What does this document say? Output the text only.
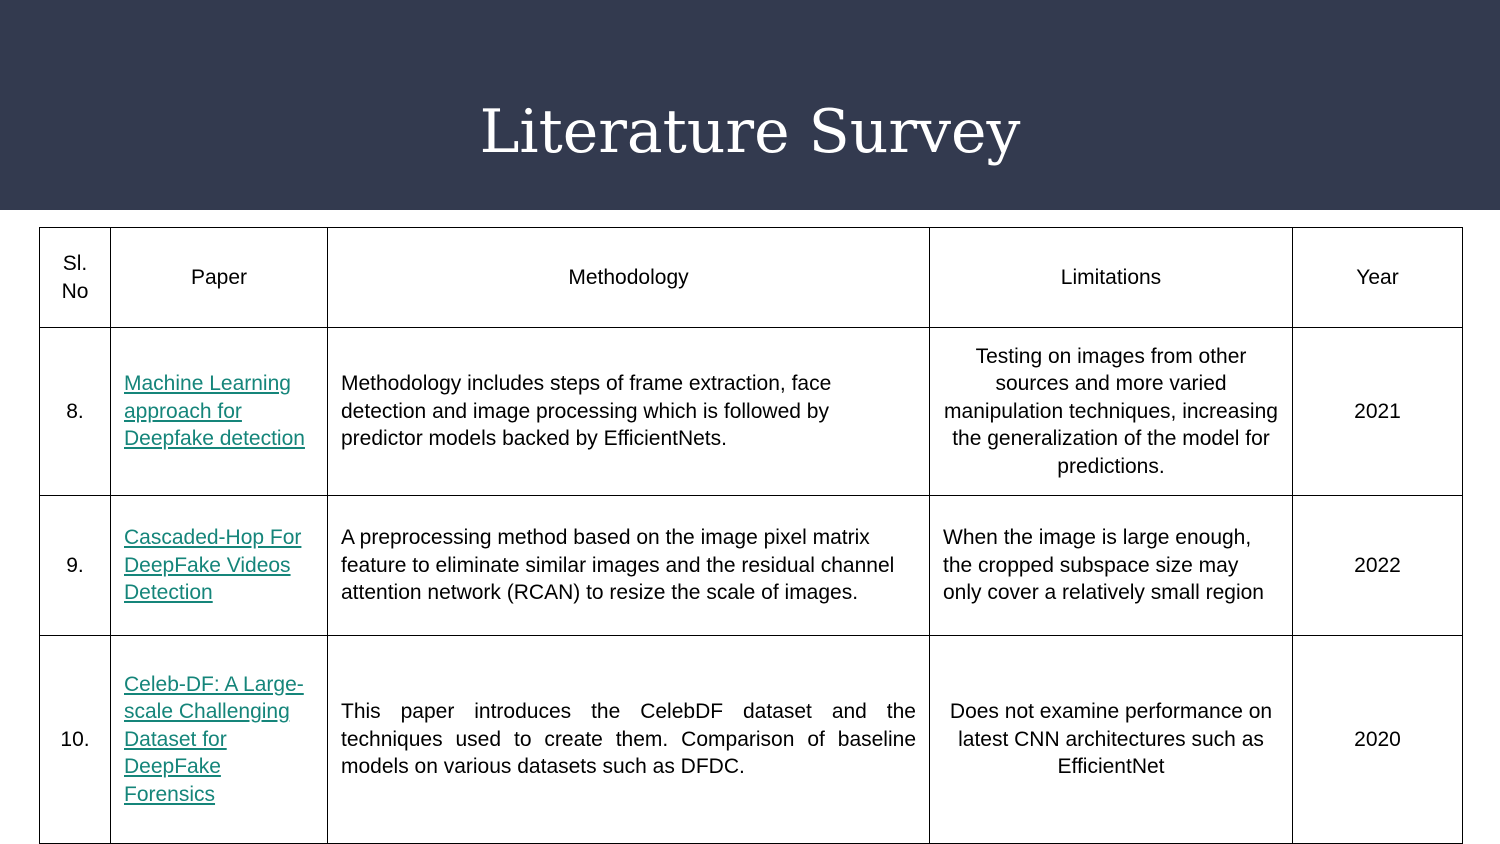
Literature Survey
Sl. No	Paper	Methodology	Limitations	Year
8.	Machine Learning approach for Deepfake detection	Methodology includes steps of frame extraction, face detection and image processing which is followed by predictor models backed by EfficientNets.	Testing on images from other sources and more varied manipulation techniques, increasing the generalization of the model for predictions.	2021
9.	Cascaded-Hop For DeepFake Videos Detection	A preprocessing method based on the image pixel matrix feature to eliminate similar images and the residual channel attention network (RCAN) to resize the scale of images.	When the image is large enough, the cropped subspace size may only cover a relatively small region	2022
10.	Celeb-DF: A Large-scale Challenging Dataset for DeepFake Forensics	This paper introduces the CelebDF dataset and the techniques used to create them. Comparison of baseline models on various datasets such as DFDC.	Does not examine performance on latest CNN architectures such as EfficientNet	2020
